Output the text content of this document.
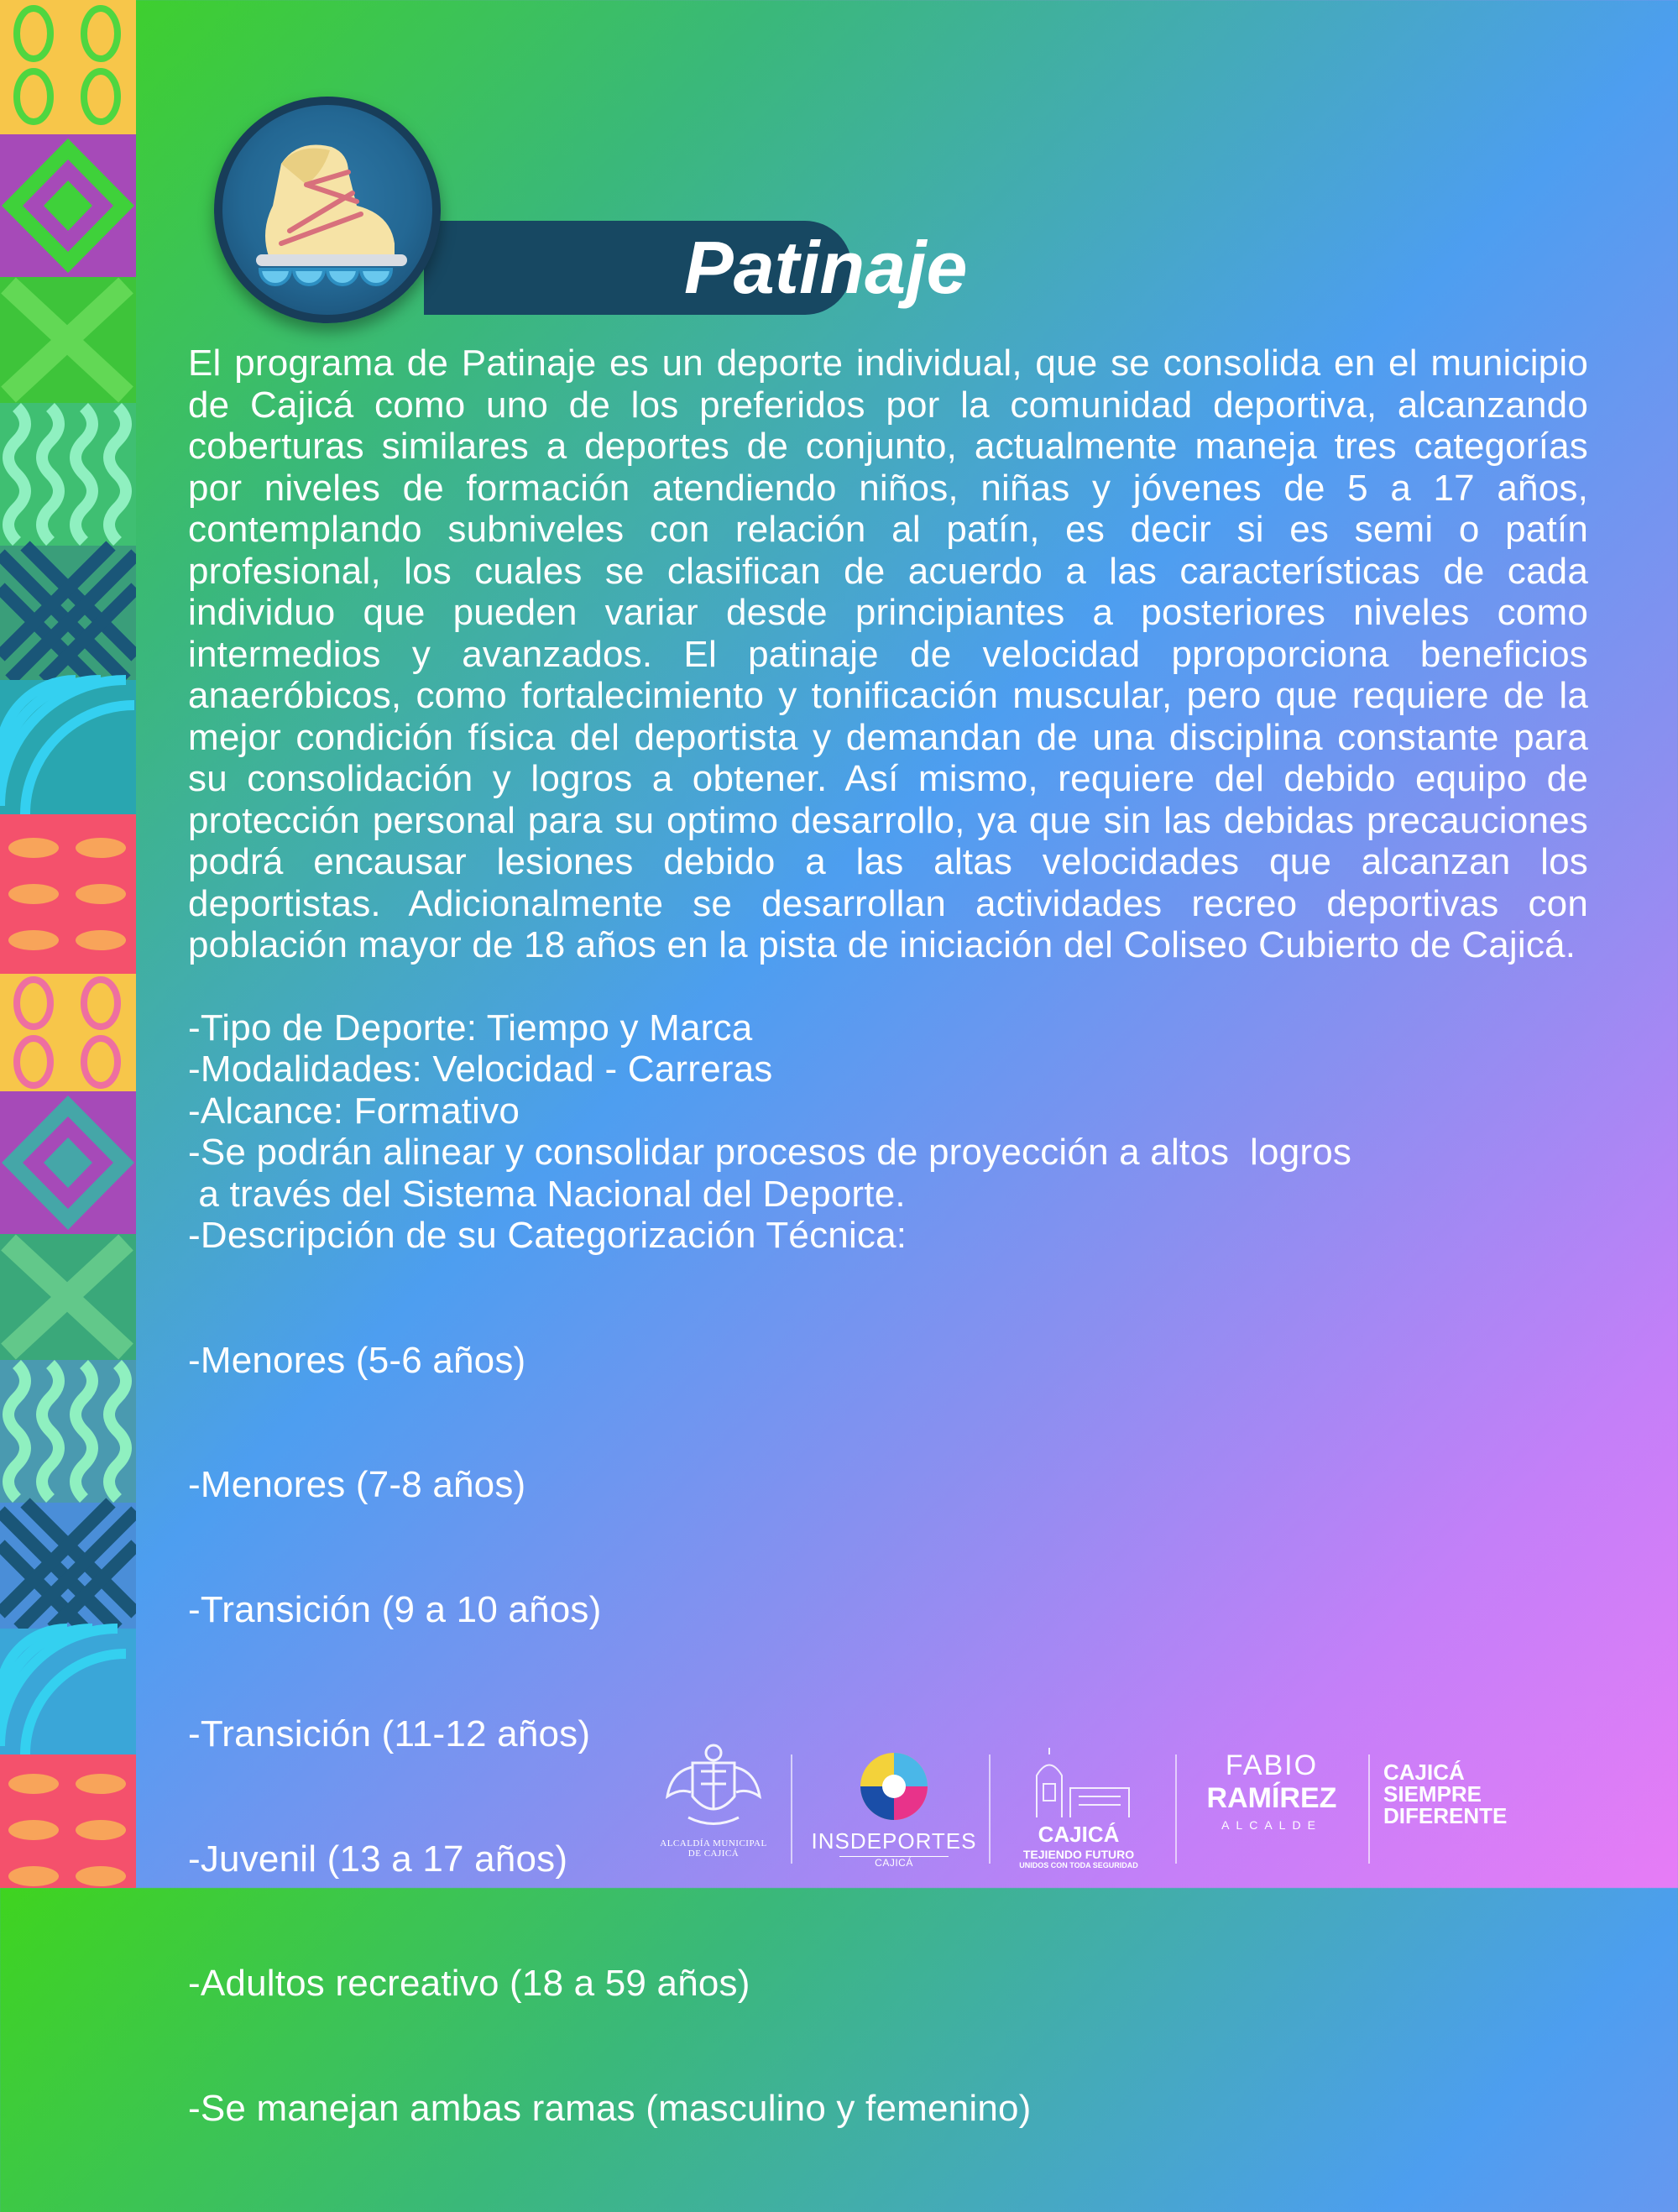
Patinaje

El programa de Patinaje es un deporte individual, que se consolida en el municipio de Cajicá como uno de los preferidos por la comunidad deportiva, alcanzando coberturas similares a deportes de conjunto, actualmente maneja tres categorías por niveles de formación atendiendo niños, niñas y jóvenes de 5 a 17 años, contemplando subniveles con relación al patín, es decir si es semi o patín profesional, los cuales se clasifican de acuerdo a las características de cada individuo que pueden variar desde principiantes a posteriores niveles como intermedios y avanzados. El patinaje de velocidad pproporciona beneficios anaeróbicos, como fortalecimiento y tonificación muscular, pero que requiere de la mejor condición física del deportista y demandan de una disciplina constante para su consolidación y logros a obtener. Así mismo, requiere del debido equipo de protección personal para su optimo desarrollo, ya que sin las debidas precauciones podrá encausar lesiones debido a las altas velocidades que alcanzan los deportistas. Adicionalmente se desarrollan actividades recreo deportivas con población mayor de 18 años en la pista de iniciación del Coliseo Cubierto de Cajicá.

-Tipo de Deporte: Tiempo y Marca
-Modalidades: Velocidad - Carreras
-Alcance: Formativo
-Se podrán alinear y consolidar procesos de proyección a altos  logros
a través del Sistema Nacional del Deporte.
-Descripción de su Categorización Técnica:

-Menores (5-6 años)

-Menores (7-8 años)

-Transición (9 a 10 años)

-Transición (11-12 años)

-Juvenil (13 a 17 años)

-Adultos recreativo (18 a 59 años)

-Se manejan ambas ramas (masculino y femenino)

ALCALDÍA MUNICIPAL
DE CAJICÁ	INSDEPORTES
CAJICÁ
CAJICÁ
TEJIENDO FUTURO
UNIDOS CON TODA SEGURIDAD
FABIO
RAMÍREZ
ALCALDE
CAJICÁ
SIEMPRE
DIFERENTE
